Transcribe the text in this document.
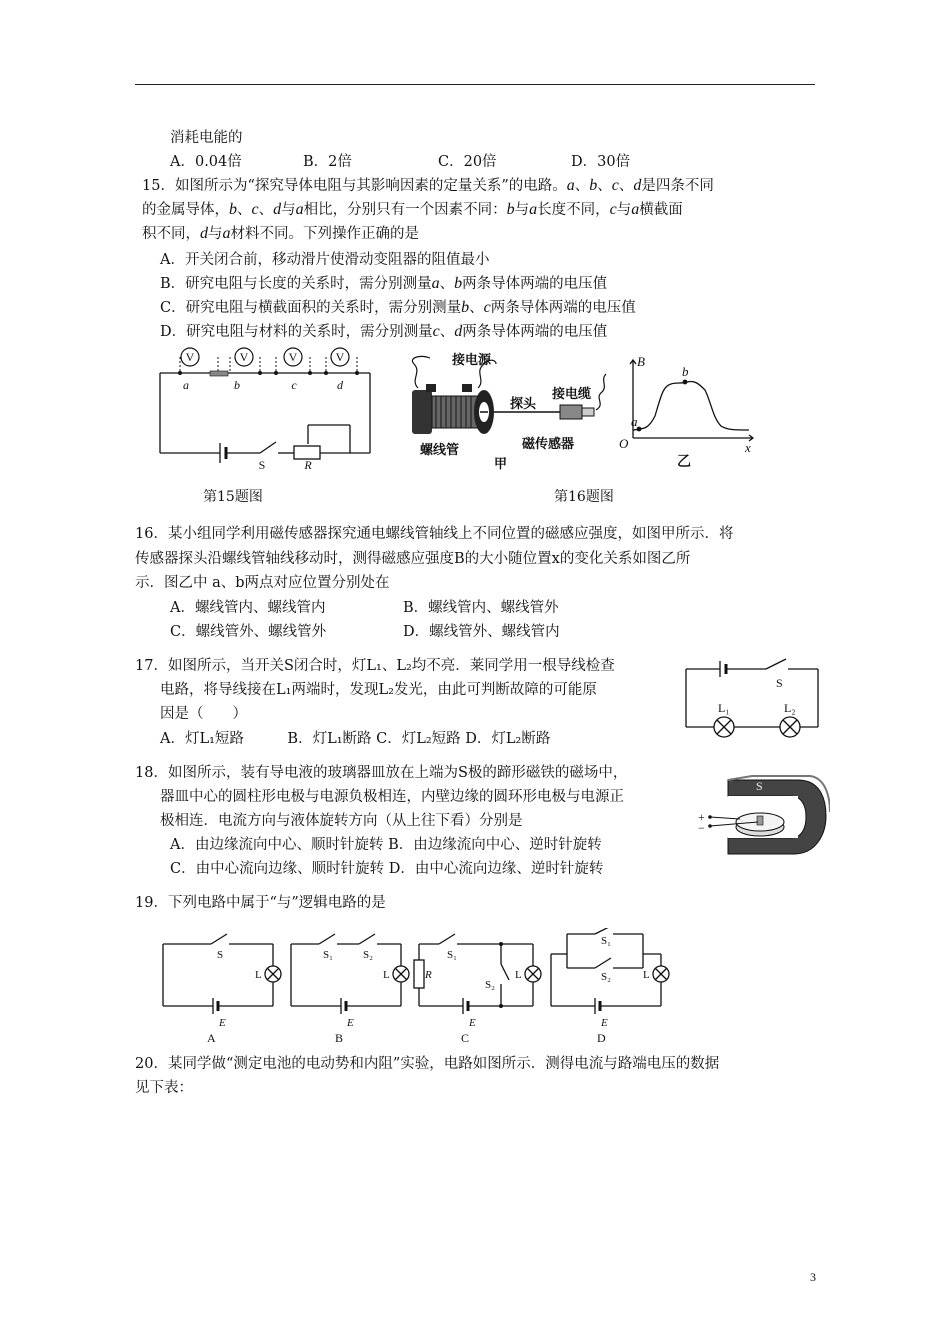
消耗电能的
A．0.04倍	B．2倍	C．20倍	D．30倍
15．如图所示为“探究导体电阻与其影响因素的定量关系”的电路。a、b、c、d是四条不同
的金属导体，b、c、d与a相比，分别只有一个因素不同：b与a长度不同，c与a横截面
积不同，d与a材料不同。下列操作正确的是
A．开关闭合前，移动滑片使滑动变阻器的阻值最小
B．研究电阻与长度的关系时，需分别测量a、b两条导体两端的电压值
C．研究电阻与横截面积的关系时，需分别测量b、c两条导体两端的电压值
D．研究电阻与材料的关系时，需分别测量c、d两条导体两端的电压值
V	V	V	V
a	b	c	d
S	R
接电源
接电缆
探头
螺线管	磁传感器
甲
B
x
O
a
b
乙
第15题图	第16题图
16．某小组同学利用磁传感器探究通电螺线管轴线上不同位置的磁感应强度，如图甲所示．将
传感器探头沿螺线管轴线移动时，测得磁感应强度B的大小随位置x的变化关系如图乙所
示．图乙中 a、b两点对应位置分别处在
A．螺线管内、螺线管内	B．螺线管内、螺线管外
C．螺线管外、螺线管外	D．螺线管外、螺线管内
17．如图所示，当开关S闭合时，灯L₁、L₂均不亮．莱同学用一根导线检查
电路，将导线接在L₁两端时，发现L₂发光，由此可判断故障的可能原
因是（　　）
A．灯L₁短路　　　B．灯L₁断路 C．灯L₂短路 D．灯L₂断路
S
L₁	L₂
18．如图所示，装有导电液的玻璃器皿放在上端为S极的蹄形磁铁的磁场中，
器皿中心的圆柱形电极与电源负极相连，内壁边缘的圆环形电极与电源正
极相连．电流方向与液体旋转方向（从上往下看）分别是
A．由边缘流向中心、顺时针旋转 B．由边缘流向中心、逆时针旋转
C．由中心流向边缘、顺时针旋转 D．由中心流向边缘、逆时针旋转
+
−
S
19．下列电路中属于“与”逻辑电路的是
S
L
E
S₁	S₂
L
E
R
S₁
S₂
L
E
S₁
S₂	L
E
A	B	C	D
20．某同学做“测定电池的电动势和内阻”实验，电路如图所示．测得电流与路端电压的数据
见下表：
3
